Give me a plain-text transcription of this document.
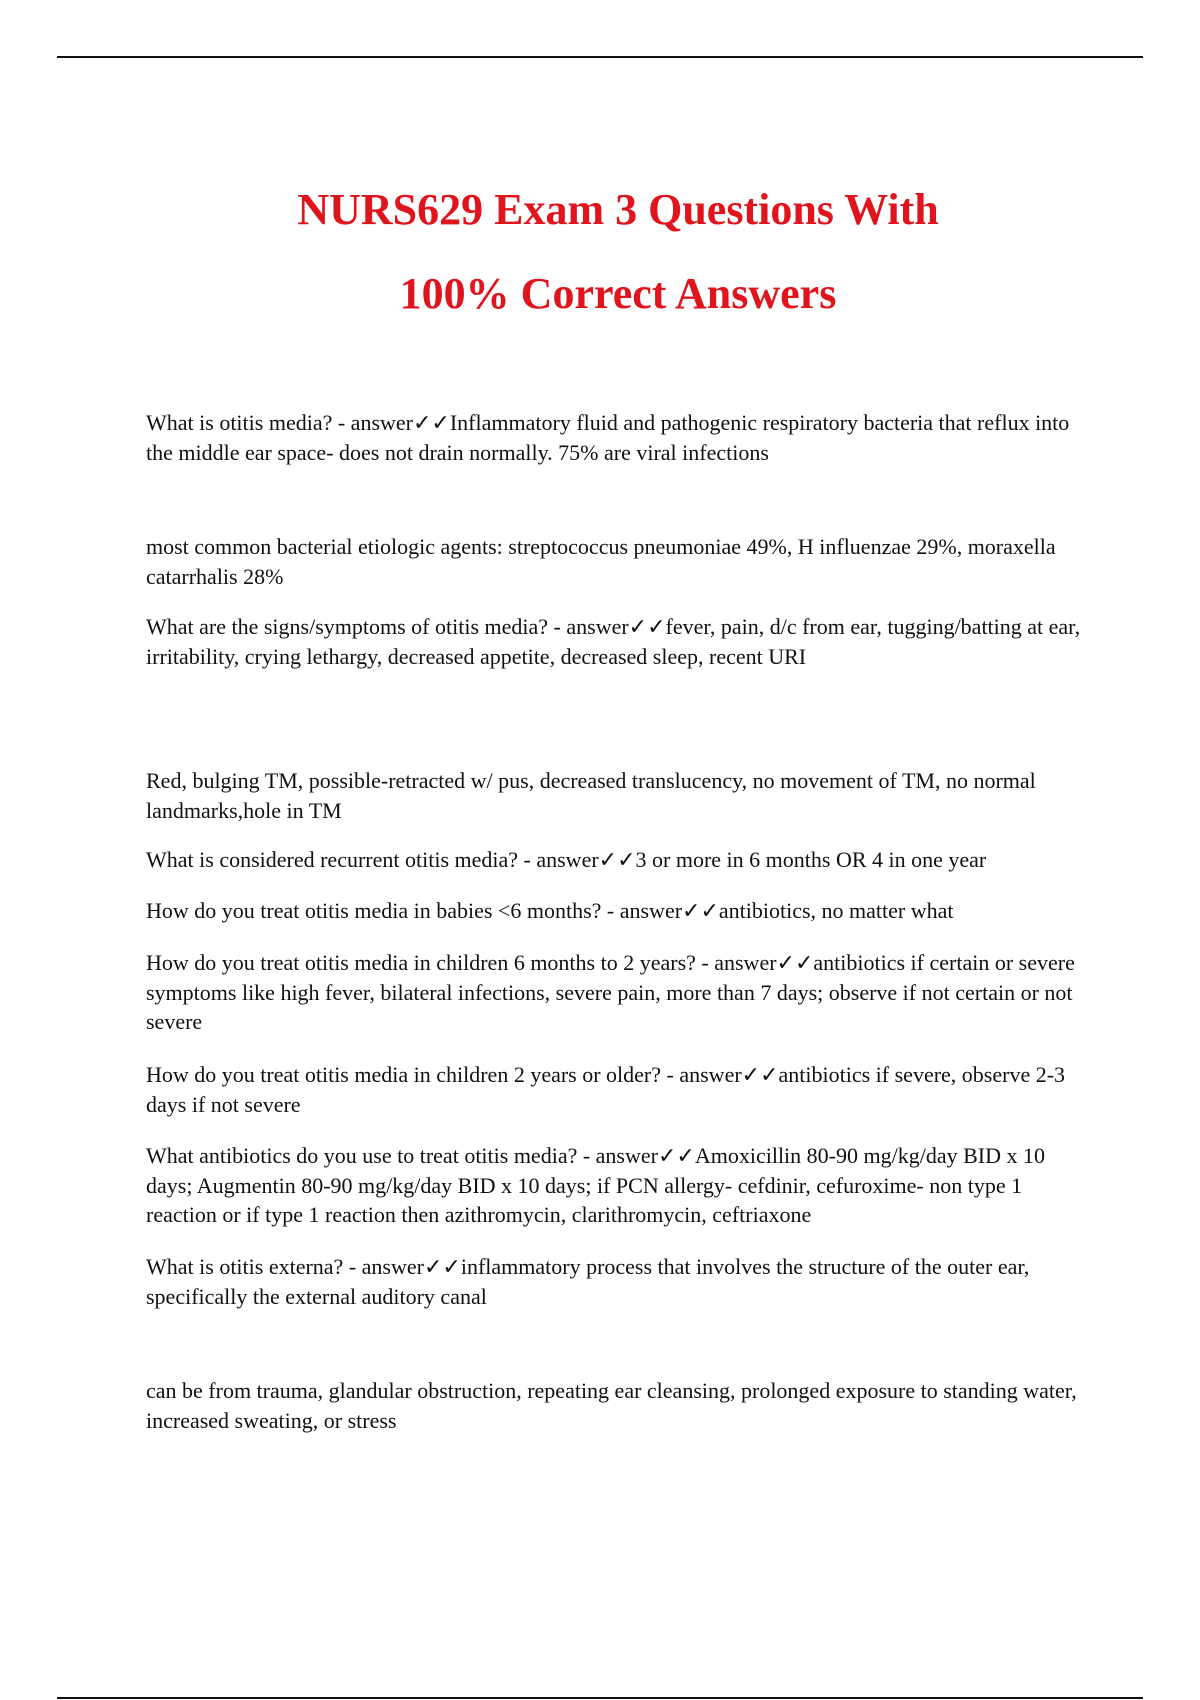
NURS629 Exam 3 Questions With
100% Correct Answers

What is otitis media? - answer✓✓Inflammatory fluid and pathogenic respiratory bacteria that reflux into the middle ear space- does not drain normally. 75% are viral infections

most common bacterial etiologic agents: streptococcus pneumoniae 49%, H influenzae 29%, moraxella catarrhalis 28%

What are the signs/symptoms of otitis media? - answer✓✓fever, pain, d/c from ear, tugging/batting at ear, irritability, crying lethargy, decreased appetite, decreased sleep, recent URI

Red, bulging TM, possible-retracted w/ pus, decreased translucency, no movement of TM, no normal landmarks,hole in TM

What is considered recurrent otitis media? - answer✓✓3 or more in 6 months OR 4 in one year

How do you treat otitis media in babies <6 months? - answer✓✓antibiotics, no matter what

How do you treat otitis media in children 6 months to 2 years? - answer✓✓antibiotics if certain or severe symptoms like high fever, bilateral infections, severe pain, more than 7 days; observe if not certain or not severe

How do you treat otitis media in children 2 years or older? - answer✓✓antibiotics if severe, observe 2-3 days if not severe

What antibiotics do you use to treat otitis media? - answer✓✓Amoxicillin 80-90 mg/kg/day BID x 10 days; Augmentin 80-90 mg/kg/day BID x 10 days; if PCN allergy- cefdinir, cefuroxime- non type 1 reaction or if type 1 reaction then azithromycin, clarithromycin, ceftriaxone

What is otitis externa? - answer✓✓inflammatory process that involves the structure of the outer ear, specifically the external auditory canal

can be from trauma, glandular obstruction, repeating ear cleansing, prolonged exposure to standing water, increased sweating, or stress
